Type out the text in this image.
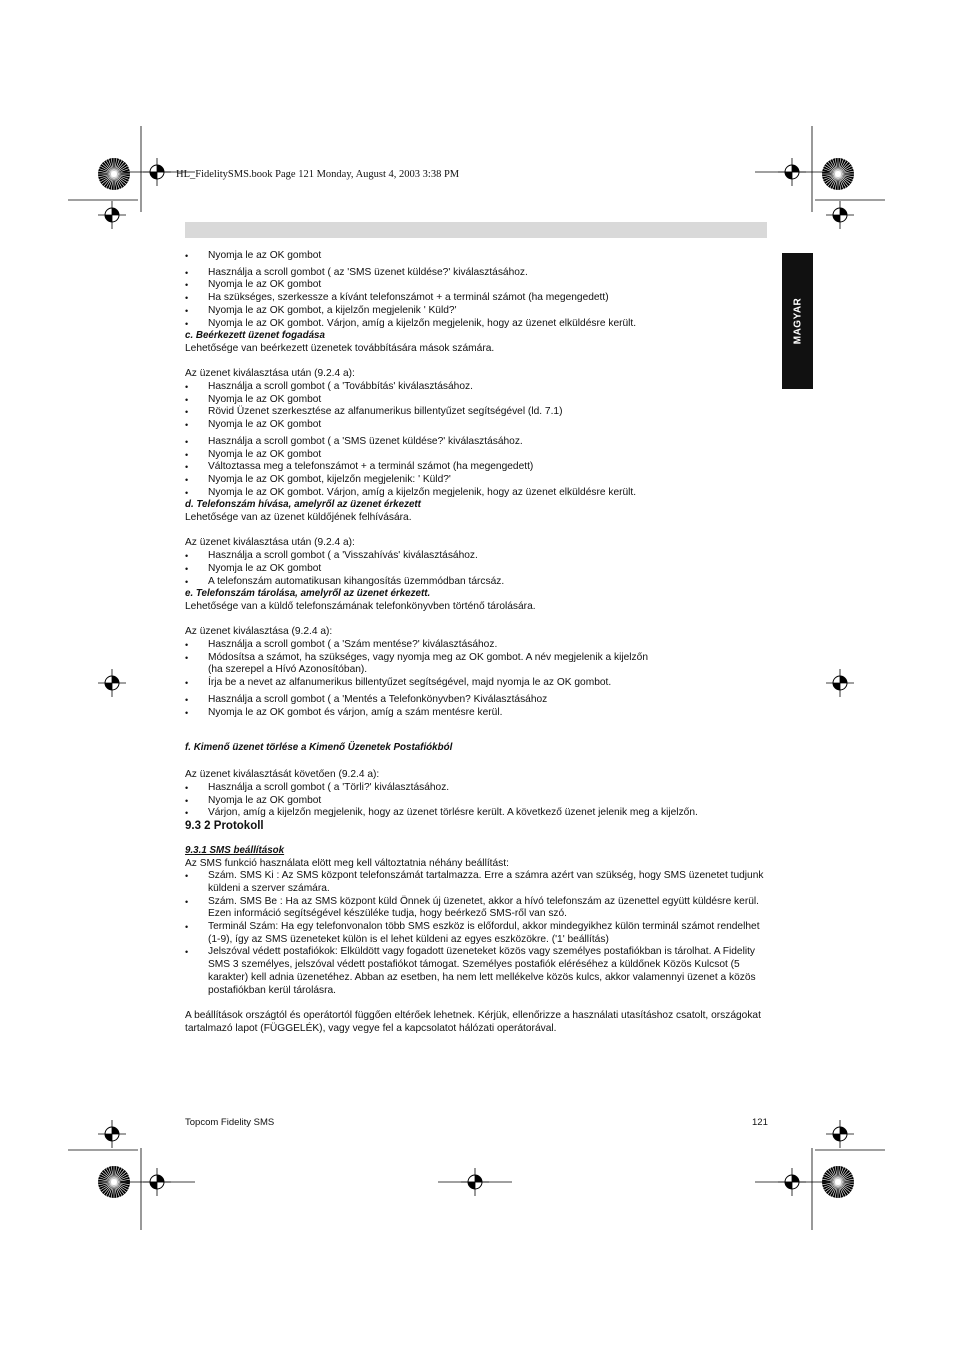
HL_FidelitySMS.book Page 121 Monday, August 4, 2003 3:38 PM
MAGYAR
• Nyomja le az OK gombot
• Használja a scroll gombot ( az 'SMS üzenet küldése?' kiválasztásához.
• Nyomja le az OK gombot
• Ha szükséges, szerkessze a kívánt telefonszámot + a terminál számot (ha megengedett)
• Nyomja le az OK gombot, a kijelzőn megjelenik ' Küld?'
• Nyomja le az OK gombot. Várjon, amíg a kijelzőn megjelenik, hogy az üzenet elküldésre került.

c. Beérkezett üzenet fogadása

Lehetősége van beérkezett üzenetek továbbítására mások számára.

Az üzenet kiválasztása után (9.2.4 a):

• Használja a scroll gombot ( a 'Továbbítás' kiválasztásához.
• Nyomja le az OK gombot
• Rövid Üzenet szerkesztése az alfanumerikus billentyűzet segítségével (ld. 7.1)
• Nyomja le az OK gombot
• Használja a scroll gombot ( a 'SMS üzenet küldése?' kiválasztásához.
• Nyomja le az OK gombot
• Változtassa meg a telefonszámot + a terminál számot (ha megengedett)
• Nyomja le az OK gombot, kijelzőn megjelenik: ' Küld?'
• Nyomja le az OK gombot. Várjon, amíg a kijelzőn megjelenik, hogy az üzenet elküldésre került.

d. Telefonszám hívása, amelyről az üzenet érkezett

Lehetősége van az üzenet küldőjének felhívására.

Az üzenet kiválasztása után (9.2.4 a):

• Használja a scroll gombot ( a 'Visszahívás' kiválasztásához.
• Nyomja le az OK gombot
• A telefonszám automatikusan kihangosítás üzemmódban tárcsáz.

e. Telefonszám tárolása, amelyről az üzenet érkezett.

Lehetősége van a küldő telefonszámának telefonkönyvben történő tárolására.

Az üzenet kiválasztása (9.2.4 a):

• Használja a scroll gombot ( a 'Szám mentése?' kiválasztásához.
• Módosítsa a számot, ha szükséges, vagy nyomja meg az OK gombot. A név megjelenik a kijelzőn
(ha szerepel a Hívó Azonosítóban).
• Írja be a nevet az alfanumerikus billentyűzet segítségével, majd nyomja le az OK gombot.
• Használja a scroll gombot ( a 'Mentés a Telefonkönyvben? Kiválasztásához
• Nyomja le az OK gombot és várjon, amíg a szám mentésre kerül.

f. Kimenő üzenet törlése a Kimenő Üzenetek Postafiókból

Az üzenet kiválasztását követően (9.2.4 a):

• Használja a scroll gombot ( a 'Törli?' kiválasztásához.
• Nyomja le az OK gombot
• Várjon, amíg a kijelzőn megjelenik, hogy az üzenet törlésre került. A következő üzenet jelenik meg a kijelzőn.

9.3 2 Protokoll

9.3.1 SMS beállítások

Az SMS funkció használata elött meg kell változtatnia néhány beállítást:

• Szám. SMS Ki : Az SMS központ telefonszámát tartalmazza. Erre a számra azért van szükség, hogy SMS üzenetet tudjunk küldeni a szerver számára.
• Szám. SMS Be : Ha az SMS központ küld Önnek új üzenetet, akkor a hívó telefonszám az üzenettel együtt küldésre kerül. Ezen információ segítségével készüléke tudja, hogy beérkező SMS-ről van szó.
• Terminál Szám: Ha egy telefonvonalon több SMS eszköz is előfordul, akkor mindegyikhez külön terminál számot rendelhet (1-9), így az SMS üzeneteket külön is el lehet küldeni az egyes eszközökre. ('1' beállítás)
• Jelszóval védett postafiókok: Elküldött vagy fogadott üzeneteket közös vagy személyes postafiókban is tárolhat. A Fidelity SMS 3 személyes, jelszóval védett postafiókot támogat. Személyes postafiók eléréséhez a küldőnek Közös Kulcsot (5 karakter) kell adnia üzenetéhez. Abban az esetben, ha nem lett mellékelve közös kulcs, akkor valamennyi üzenet a közös postafiókban kerül tárolásra.

A beállítások országtól és operátortól függően eltérőek lehetnek. Kérjük, ellenőrizze a használati utasításhoz csatolt, országokat tartalmazó lapot (FÜGGELÉK), vagy vegye fel a kapcsolatot hálózati operátorával.

Topcom Fidelity SMS	121
